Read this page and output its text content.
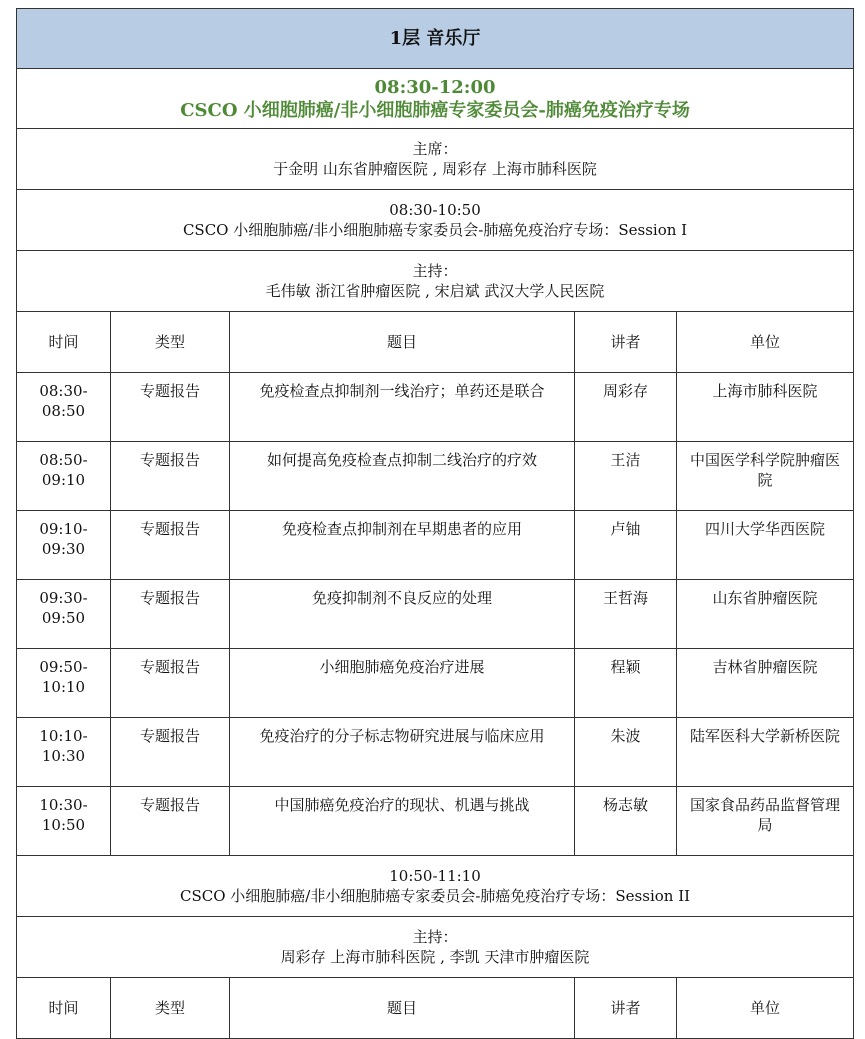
1层 音乐厅				

08:30-12:00
CSCO 小细胞肺癌/非小细胞肺癌专家委员会-肺癌免疫治疗专场				

主席：
于金明 山东省肿瘤医院 , 周彩存 上海市肺科医院				

08:30-10:50
CSCO 小细胞肺癌/非小细胞肺癌专家委员会-肺癌免疫治疗专场：Session I				

主持：
毛伟敏 浙江省肿瘤医院 , 宋启斌 武汉大学人民医院				

时间	类型	题目	讲者	单位

08:30-
08:50	专题报告	免疫检查点抑制剂一线治疗；单药还是联合	周彩存	上海市肺科医院

08:50-
09:10	专题报告	如何提高免疫检查点抑制二线治疗的疗效	王洁	中国医学科学院肿瘤医院

09:10-
09:30	专题报告	免疫检查点抑制剂在早期患者的应用	卢铀	四川大学华西医院

09:30-
09:50	专题报告	免疫抑制剂不良反应的处理	王哲海	山东省肿瘤医院

09:50-
10:10	专题报告	小细胞肺癌免疫治疗进展	程颖	吉林省肿瘤医院

10:10-
10:30	专题报告	免疫治疗的分子标志物研究进展与临床应用	朱波	陆军医科大学新桥医院

10:30-
10:50	专题报告	中国肺癌免疫治疗的现状、机遇与挑战	杨志敏	国家食品药品监督管理局

10:50-11:10
CSCO 小细胞肺癌/非小细胞肺癌专家委员会-肺癌免疫治疗专场：Session II				

主持：
周彩存 上海市肺科医院 , 李凯 天津市肿瘤医院				

时间	类型	题目	讲者	单位
